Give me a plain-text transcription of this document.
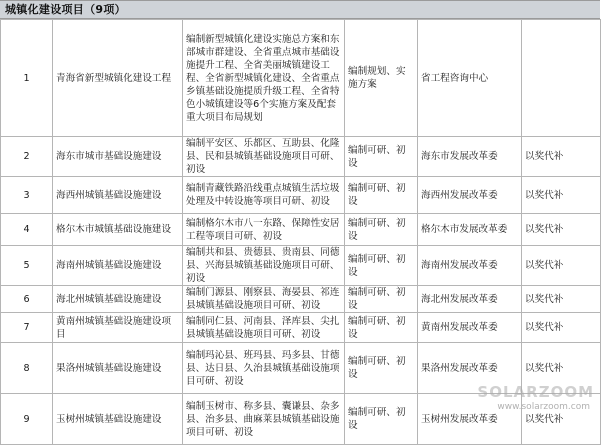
城镇化建设项目（9项）
1	青海省新型城镇化建设工程	编制新型城镇化建设实施总方案和东部城市群建设、全省重点城市基础设施提升工程、全省美丽城镇建设工程、全省新型城镇化建设、全省重点乡镇基础设施提质升级工程、全省特色小城镇建设等6个实施方案及配套重大项目布局规划	编制规划、实施方案	省工程咨询中心	
2	海东市城市基础设施建设	编制平安区、乐都区、互助县、化隆县、民和县城镇基础设施项目可研、初设	编制可研、初设	海东市发展改革委	以奖代补
3	海西州城镇基础设施建设	编制青藏铁路沿线重点城镇生活垃圾处理及中转设施等项目可研、初设	编制可研、初设	海西州发展改革委	以奖代补
4	格尔木市城镇基础设施建设	编制格尔木市八一东路、保障性安居工程等项目可研、初设	编制可研、初设	格尔木市发展改革委	以奖代补
5	海南州城镇基础设施建设	编制共和县、贵德县、贵南县、同德县、兴海县城镇基础设施项目可研、初设	编制可研、初设	海南州发展改革委	以奖代补
6	海北州城镇基础设施建设	编制门源县、刚察县、海晏县、祁连县城镇基础设施项目可研、初设	编制可研、初设	海北州发展改革委	以奖代补
7	黄南州城镇基础设施建设项目	编制同仁县、河南县、泽库县、尖扎县城镇基础设施项目可研、初设	编制可研、初设	黄南州发展改革委	以奖代补
8	果洛州城镇基础设施建设	编制玛沁县、班玛县、玛多县、甘德县、达日县、久治县城镇基础设施项目可研、初设	编制可研、初设	果洛州发展改革委	以奖代补
9	玉树州城镇基础设施建设	编制玉树市、称多县、囊谦县、杂多县、治多县、曲麻莱县城镇基础设施项目可研、初设	编制可研、初设	玉树州发展改革委	以奖代补
SOLARZOOM
www.solarzoom.com
